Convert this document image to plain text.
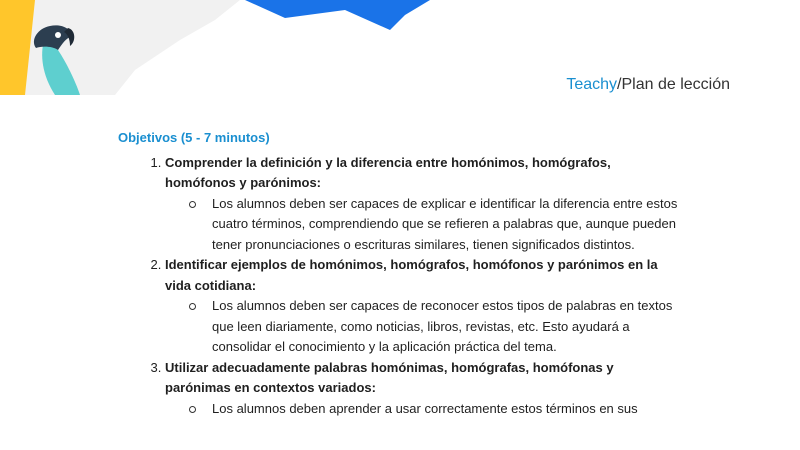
Teachy/Plan de lección
Objetivos (5 - 7 minutos)
1. Comprender la definición y la diferencia entre homónimos, homógrafos, homófonos y parónimos:
Los alumnos deben ser capaces de explicar e identificar la diferencia entre estos cuatro términos, comprendiendo que se refieren a palabras que, aunque pueden tener pronunciaciones o escrituras similares, tienen significados distintos.
2. Identificar ejemplos de homónimos, homógrafos, homófonos y parónimos en la vida cotidiana:
Los alumnos deben ser capaces de reconocer estos tipos de palabras en textos que leen diariamente, como noticias, libros, revistas, etc. Esto ayudará a consolidar el conocimiento y la aplicación práctica del tema.
3. Utilizar adecuadamente palabras homónimas, homógrafas, homófonas y parónimas en contextos variados:
Los alumnos deben aprender a usar correctamente estos términos en sus
